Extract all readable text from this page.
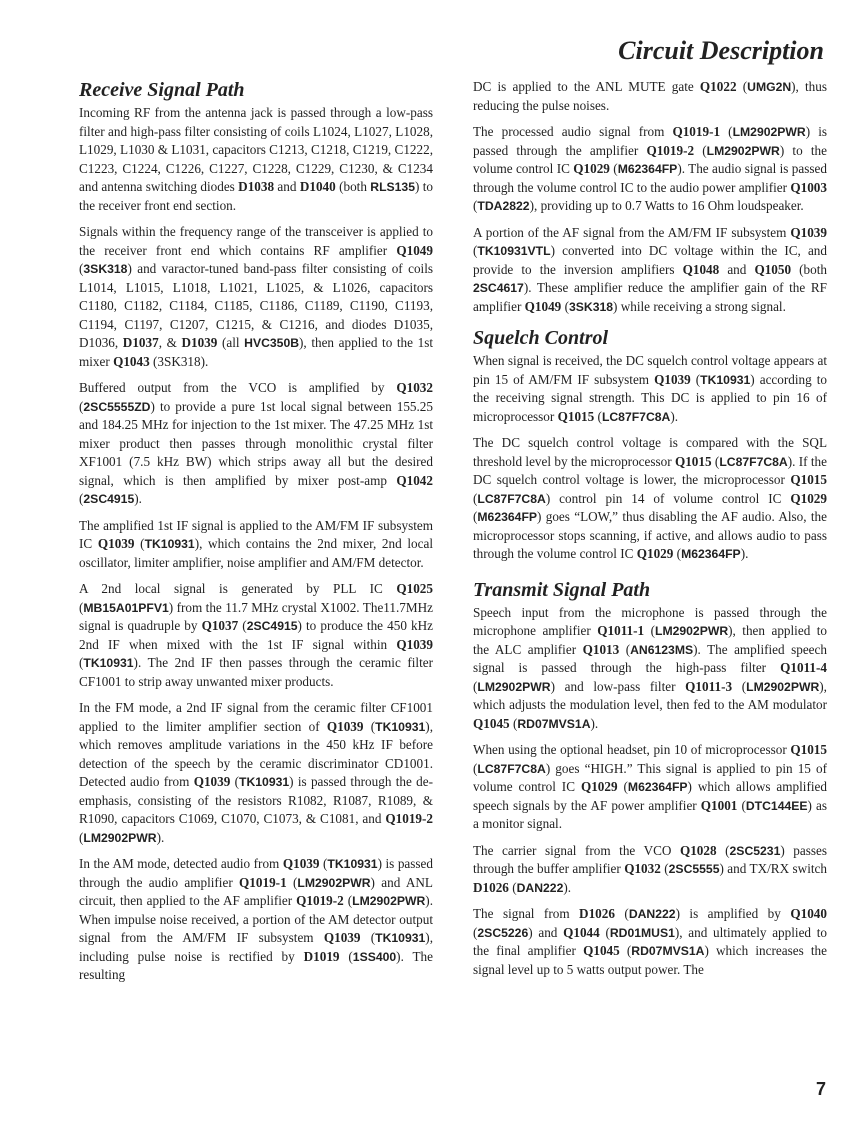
Circuit Description
Receive Signal Path

Incoming RF from the antenna jack is passed through a low-pass filter and high-pass filter consisting of coils L1024, L1027, L1028, L1029, L1030 & L1031, capacitors C1213, C1218, C1219, C1222, C1223, C1224, C1226, C1227, C1228, C1229, C1230, & C1234 and antenna switching diodes D1038 and D1040 (both RLS135) to the receiver front end section.

Signals within the frequency range of the transceiver is applied to the receiver front end which contains RF amplifier Q1049 (3SK318) and varactor-tuned band-pass filter consisting of coils L1014, L1015, L1018, L1021, L1025, & L1026, capacitors C1180, C1182, C1184, C1185, C1186, C1189, C1190, C1193, C1194, C1197, C1207, C1215, & C1216, and diodes D1035, D1036, D1037, & D1039 (all HVC350B), then applied to the 1st mixer Q1043 (3SK318).

Buffered output from the VCO is amplified by Q1032 (2SC5555ZD) to provide a pure 1st local signal between 155.25 and 184.25 MHz for injection to the 1st mixer. The 47.25 MHz 1st mixer product then passes through monolithic crystal filter XF1001 (7.5 kHz BW) which strips away all but the desired signal, which is then amplified by mixer post-amp Q1042 (2SC4915).

The amplified 1st IF signal is applied to the AM/FM IF subsystem IC Q1039 (TK10931), which contains the 2nd mixer, 2nd local oscillator, limiter amplifier, noise amplifier and AM/FM detector.

A 2nd local signal is generated by PLL IC Q1025 (MB15A01PFV1) from the 11.7 MHz crystal X1002. The11.7MHz signal is quadruple by Q1037 (2SC4915) to produce the 450 kHz 2nd IF when mixed with the 1st IF signal within Q1039 (TK10931). The 2nd IF then passes through the ceramic filter CF1001 to strip away unwanted mixer products.

In the FM mode, a 2nd IF signal from the ceramic filter CF1001 applied to the limiter amplifier section of Q1039 (TK10931), which removes amplitude variations in the 450 kHz IF before detection of the speech by the ceramic discriminator CD1001. Detected audio from Q1039 (TK10931) is passed through the de-emphasis, consisting of the resistors R1082, R1087, R1089, & R1090, capacitors C1069, C1070, C1073, & C1081, and Q1019-2 (LM2902PWR).

In the AM mode, detected audio from Q1039 (TK10931) is passed through the audio amplifier Q1019-1 (LM2902PWR) and ANL circuit, then applied to the AF amplifier Q1019-2 (LM2902PWR). When impulse noise received, a portion of the AM detector output signal from the AM/FM IF subsystem Q1039 (TK10931), including pulse noise is rectified by D1019 (1SS400). The resulting

DC is applied to the ANL MUTE gate Q1022 (UMG2N), thus reducing the pulse noises.

The processed audio signal from Q1019-1 (LM2902PWR) is passed through the amplifier Q1019-2 (LM2902PWR) to the volume control IC Q1029 (M62364FP). The audio signal is passed through the volume control IC to the audio power amplifier Q1003 (TDA2822), providing up to 0.7 Watts to 16 Ohm loudspeaker.

A portion of the AF signal from the AM/FM IF subsystem Q1039 (TK10931VTL) converted into DC voltage within the IC, and provide to the inversion amplifiers Q1048 and Q1050 (both 2SC4617). These amplifier reduce the amplifier gain of the RF amplifier Q1049 (3SK318) while receiving a strong signal.

Squelch Control

When signal is received, the DC squelch control voltage appears at pin 15 of AM/FM IF subsystem Q1039 (TK10931) according to the receiving signal strength. This DC is applied to pin 16 of microprocessor Q1015 (LC87F7C8A).

The DC squelch control voltage is compared with the SQL threshold level by the microprocessor Q1015 (LC87F7C8A). If the DC squelch control voltage is lower, the microprocessor Q1015 (LC87F7C8A) control pin 14 of volume control IC Q1029 (M62364FP) goes “LOW,” thus disabling the AF audio. Also, the microprocessor stops scanning, if active, and allows audio to pass through the volume control IC Q1029 (M62364FP).

Transmit Signal Path

Speech input from the microphone is passed through the microphone amplifier Q1011-1 (LM2902PWR), then applied to the ALC amplifier Q1013 (AN6123MS). The amplified speech signal is passed through the high-pass filter Q1011-4 (LM2902PWR) and low-pass filter Q1011-3 (LM2902PWR), which adjusts the modulation level, then fed to the AM modulator Q1045 (RD07MVS1A).

When using the optional headset, pin 10 of microprocessor Q1015 (LC87F7C8A) goes “HIGH.” This signal is applied to pin 15 of volume control IC Q1029 (M62364FP) which allows amplified speech signals by the AF power amplifier Q1001 (DTC144EE) as a monitor signal.

The carrier signal from the VCO Q1028 (2SC5231) passes through the buffer amplifier Q1032 (2SC5555) and TX/RX switch D1026 (DAN222).

The signal from D1026 (DAN222) is amplified by Q1040 (2SC5226) and Q1044 (RD01MUS1), and ultimately applied to the final amplifier Q1045 (RD07MVS1A) which increases the signal level up to 5 watts output power. The

7
